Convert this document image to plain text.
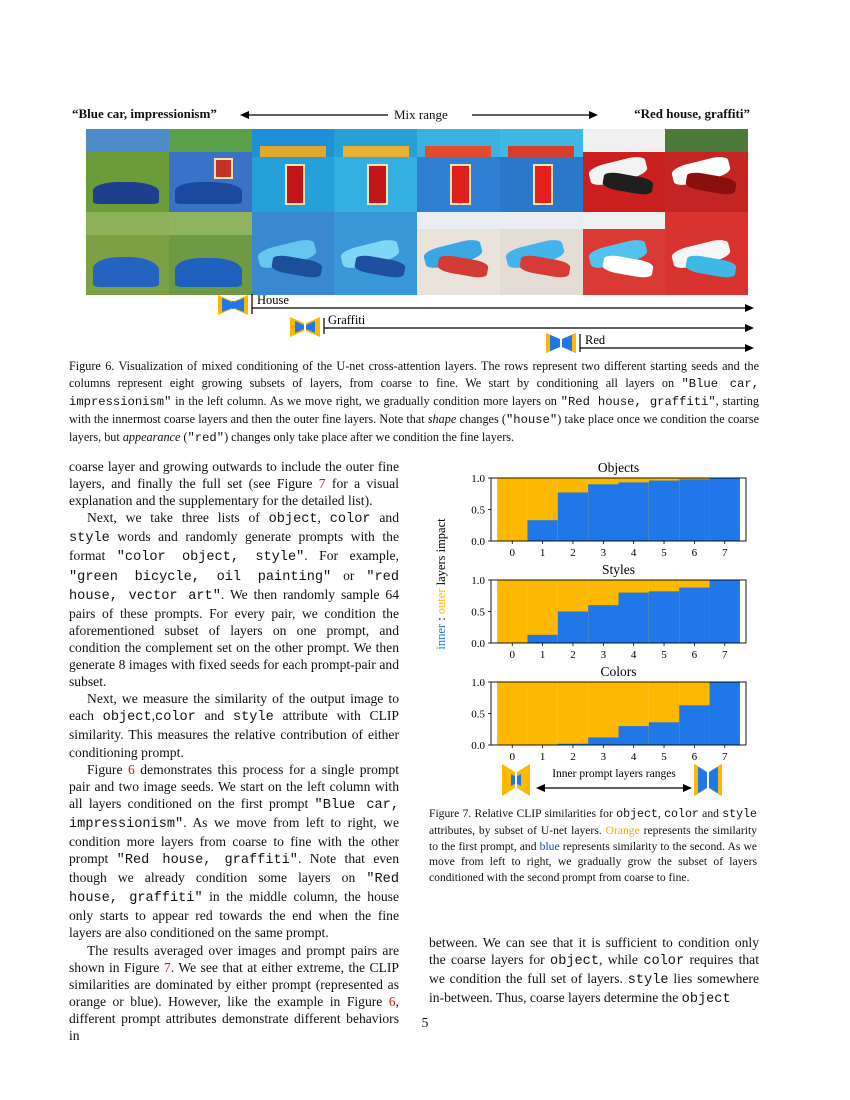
“Blue car, impressionism”	Mix range	“Red house, graffiti”
House
Graffiti
Red
Figure 6. Visualization of mixed conditioning of the U-net cross-attention layers. The rows represent two different starting seeds and the columns represent eight growing subsets of layers, from coarse to fine. We start by conditioning all layers on "Blue car, impressionism" in the left column. As we move right, we gradually condition more layers on "Red house, graffiti", starting with the innermost coarse layers and then the outer fine layers. Note that shape changes ("house") take place once we condition the coarse layers, but appearance ("red") changes only take place after we condition the fine layers.

coarse layer and growing outwards to include the outer fine layers, and finally the full set (see Figure 7 for a visual explanation and the supplementary for the detailed list).

Next, we take three lists of object, color and style words and randomly generate prompts with the format "color object, style". For example, "green bicycle, oil painting" or "red house, vector art". We then randomly sample 64 pairs of these prompts. For every pair, we condition the aforementioned subset of layers on one prompt, and condition the complement set on the other prompt. We then generate 8 images with fixed seeds for each prompt-pair and subset.

Next, we measure the similarity of the output image to each object,color and style attribute with CLIP similarity. This measures the relative contribution of either conditioning prompt.

Figure 6 demonstrates this process for a single prompt pair and two image seeds. We start on the left column with all layers conditioned on the first prompt "Blue car, impressionism". As we move from left to right, we condition more layers from coarse to fine with the other prompt "Red house, graffiti". Note that even though we already condition some layers on "Red house, graffiti" in the middle column, the house only starts to appear red towards the end when the fine layers are also conditioned on the same prompt.

The results averaged over images and prompt pairs are shown in Figure 7. We see that at either extreme, the CLIP similarities are dominated by either prompt (represented as orange or blue). However, like the example in Figure 6, different prompt attributes demonstrate different behaviors in

Objects
0 1 2 3 4 5 6 7
0.0
0.5
1.0
Styles
0 1 2 3 4 5 6 7
0.0
0.5
1.0
Colors
0 1 2 3 4 5 6 7
0.0
0.5
1.0
inner : outer layers impact
Inner prompt layers ranges
Figure 7. Relative CLIP similarities for object, color and style attributes, by subset of U-net layers. Orange represents the similarity to the first prompt, and blue represents similarity to the second. As we move from left to right, we gradually grow the subset of layers conditioned with the second prompt from coarse to fine.

between. We can see that it is sufficient to condition only the coarse layers for object, while color requires that we condition the full set of layers. style lies somewhere in-between. Thus, coarse layers determine the object

5
